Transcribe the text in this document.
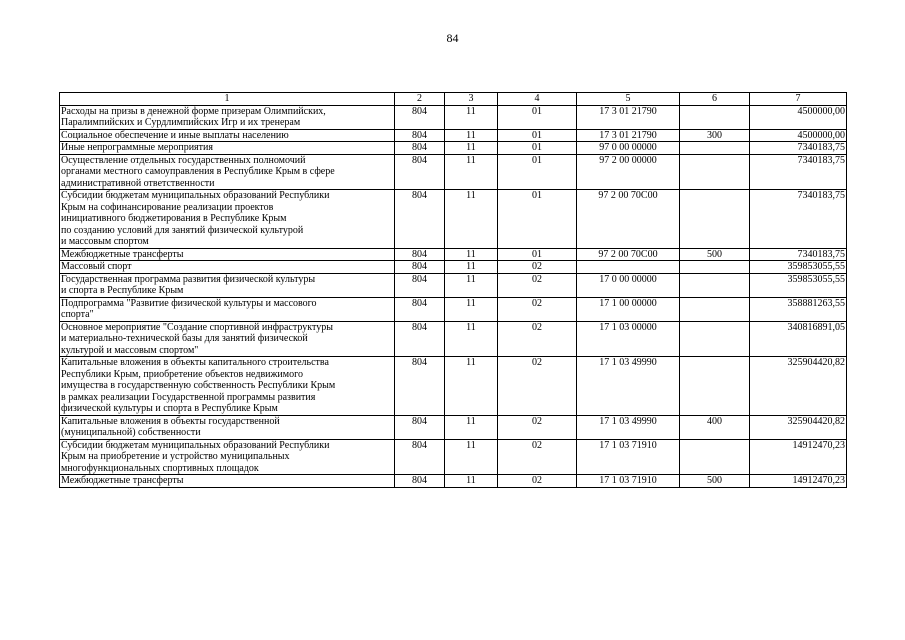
84
1	2	3	4	5	6	7
Расходы на призы в денежной форме призерам Олимпийских,
Паралимпийских и Сурдлимпийских Игр и их тренерам	804	11	01	17 3 01 21790		4500000,00
Социальное обеспечение и иные выплаты населению	804	11	01	17 3 01 21790	300	4500000,00
Иные непрограммные мероприятия	804	11	01	97 0 00 00000		7340183,75
Осуществление отдельных государственных полномочий
органами местного самоуправления в Республике Крым в сфере
административной ответственности	804	11	01	97 2 00 00000		7340183,75
Субсидии бюджетам муниципальных образований Республики
Крым на софинансирование реализации проектов
инициативного бюджетирования в Республике Крым
по созданию условий для занятий физической культурой
и массовым спортом	804	11	01	97 2 00 70С00		7340183,75
Межбюджетные трансферты	804	11	01	97 2 00 70С00	500	7340183,75
Массовый спорт	804	11	02			359853055,55
Государственная программа развития физической культуры
и спорта в Республике Крым	804	11	02	17 0 00 00000		359853055,55
Подпрограмма "Развитие физической культуры и массового
спорта"	804	11	02	17 1 00 00000		358881263,55
Основное мероприятие "Создание спортивной инфраструктуры
и материально-технической базы для занятий физической
культурой и массовым спортом"	804	11	02	17 1 03 00000		340816891,05
Капитальные вложения в объекты капитального строительства
Республики Крым, приобретение объектов недвижимого
имущества в государственную собственность Республики Крым
в рамках реализации Государственной программы развития
физической культуры и спорта в Республике Крым	804	11	02	17 1 03 49990		325904420,82
Капитальные вложения в объекты государственной
(муниципальной) собственности	804	11	02	17 1 03 49990	400	325904420,82
Субсидии бюджетам муниципальных образований Республики
Крым на приобретение и устройство муниципальных
многофункциональных спортивных площадок	804	11	02	17 1 03 71910		14912470,23
Межбюджетные трансферты	804	11	02	17 1 03 71910	500	14912470,23
